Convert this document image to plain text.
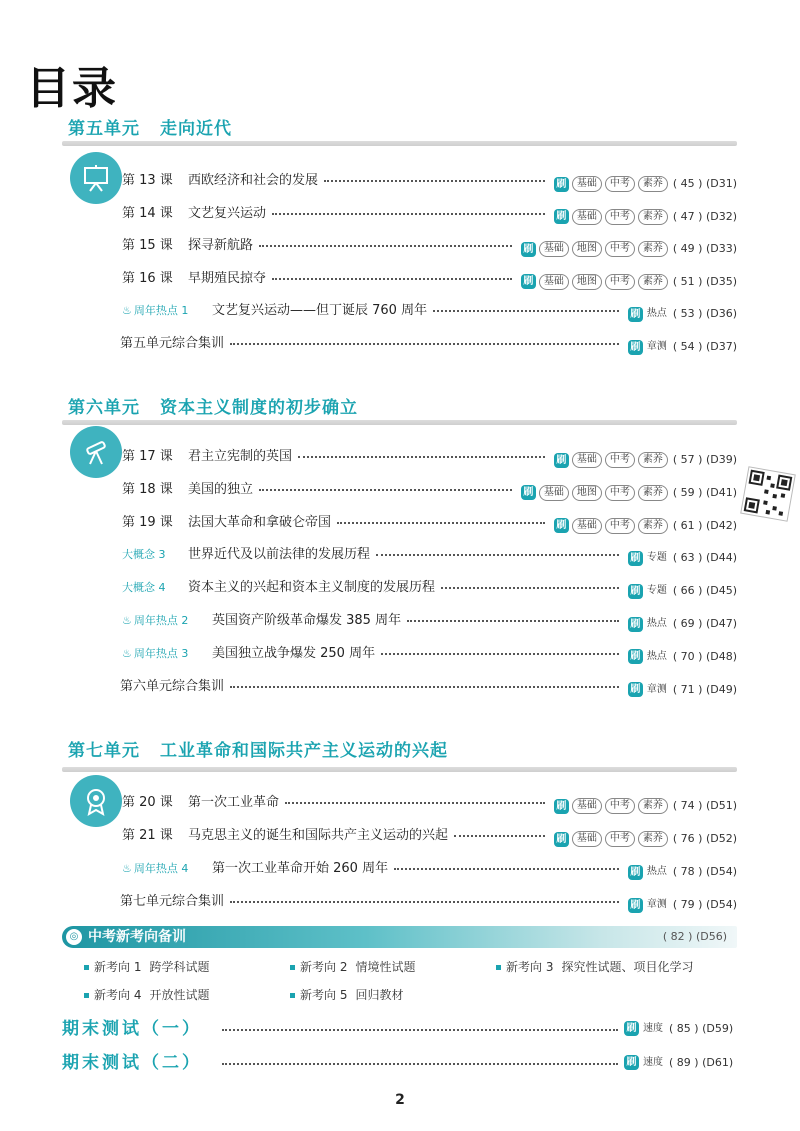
目录
第五单元 走向近代
第 13 课 西欧经济和社会的发展	刷	基础	中考	素养 ( 45 ) (D31)
第 14 课 文艺复兴运动	刷	基础	中考	素养 ( 47 ) (D32)
第 15 课 探寻新航路	刷	基础	地图	中考	素养 ( 49 ) (D33)
第 16 课 早期殖民掠夺	刷	基础	地图	中考	素养 ( 51 ) (D35)
♨ 周年热点 1 文艺复兴运动——但丁诞辰 760 周年	刷 热点 ( 53 ) (D36)
第五单元综合集训	刷 章测 ( 54 ) (D37)
第六单元 资本主义制度的初步确立
第 17 课 君主立宪制的英国	刷	基础	中考	素养 ( 57 ) (D39)
第 18 课 美国的独立	刷	基础	地图	中考	素养 ( 59 ) (D41)
第 19 课 法国大革命和拿破仑帝国	刷	基础	中考	素养 ( 61 ) (D42)
大概念 3 世界近代及以前法律的发展历程	刷 专题 ( 63 ) (D44)
大概念 4 资本主义的兴起和资本主义制度的发展历程	刷 专题 ( 66 ) (D45)
♨ 周年热点 2 英国资产阶级革命爆发 385 周年	刷 热点 ( 69 ) (D47)
♨ 周年热点 3 美国独立战争爆发 250 周年	刷 热点 ( 70 ) (D48)
第六单元综合集训	刷 章测 ( 71 ) (D49)
第七单元 工业革命和国际共产主义运动的兴起
第 20 课 第一次工业革命	刷	基础	中考	素养 ( 74 ) (D51)
第 21 课 马克思主义的诞生和国际共产主义运动的兴起	刷	基础	中考	素养 ( 76 ) (D52)
♨ 周年热点 4 第一次工业革命开始 260 周年	刷 热点 ( 78 ) (D54)
第七单元综合集训	刷 章测 ( 79 ) (D54)
◎ 中考新考向备训	( 82 ) (D56)
新考向 1 跨学科试题	新考向 2 情境性试题	新考向 3 探究性试题、项目化学习
新考向 4 开放性试题	新考向 5 回归教材
期末测试（一）	刷 速度 ( 85 ) (D59)
期末测试（二）	刷 速度 ( 89 ) (D61)
2
